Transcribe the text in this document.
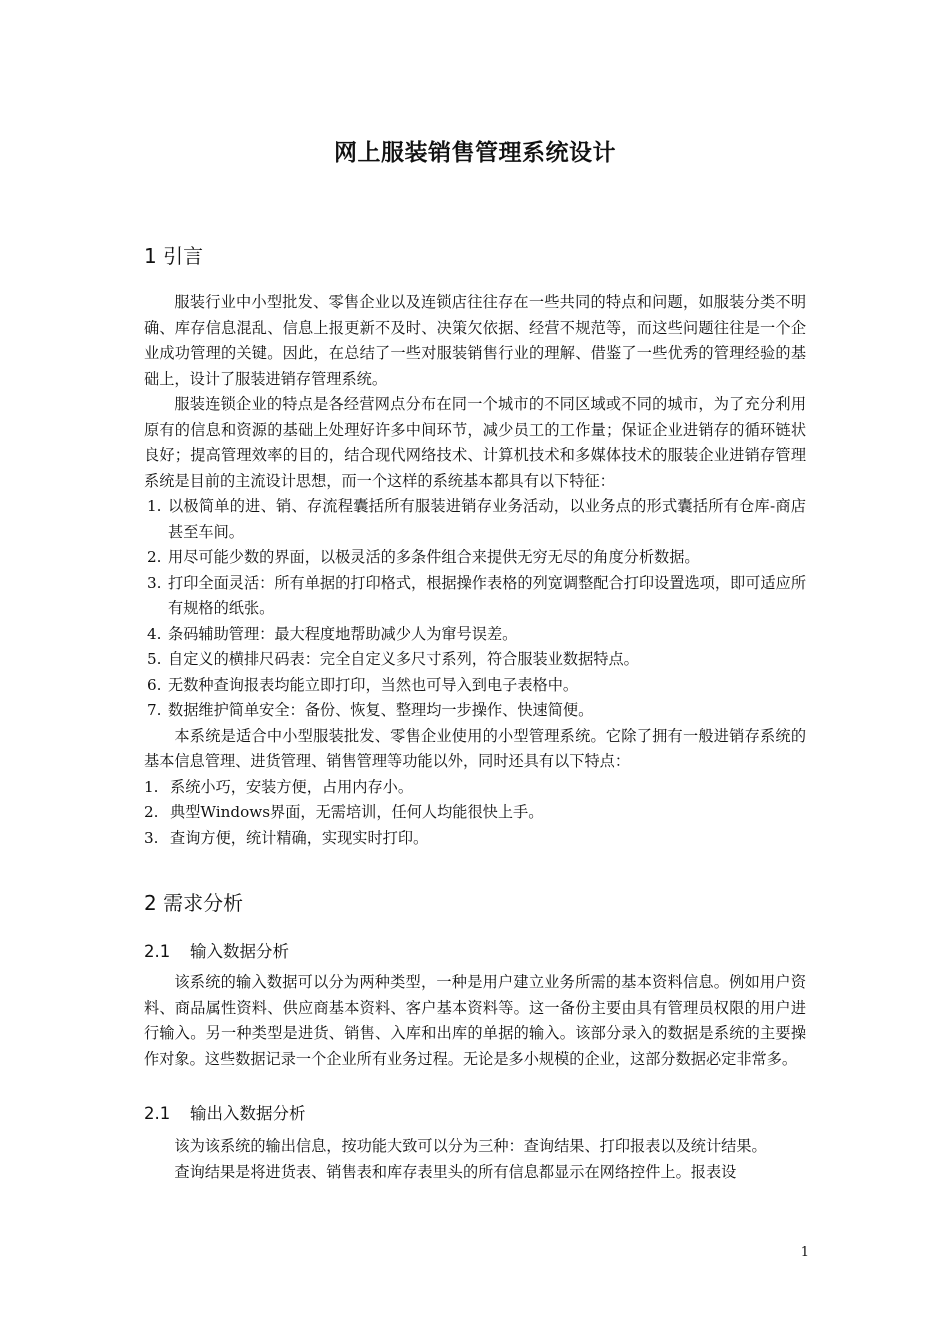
网上服装销售管理系统设计
1 引言

服装行业中小型批发、零售企业以及连锁店往往存在一些共同的特点和问题，如服装分类不明确、库存信息混乱、信息上报更新不及时、决策欠依据、经营不规范等，而这些问题往往是一个企业成功管理的关键。因此，在总结了一些对服装销售行业的理解、借鉴了一些优秀的管理经验的基础上，设计了服装进销存管理系统。

服装连锁企业的特点是各经营网点分布在同一个城市的不同区域或不同的城市，为了充分利用原有的信息和资源的基础上处理好许多中间环节，减少员工的工作量；保证企业进销存的循环链状良好；提高管理效率的目的，结合现代网络技术、计算机技术和多媒体技术的服装企业进销存管理系统是目前的主流设计思想，而一个这样的系统基本都具有以下特征：

1. 以极简单的进、销、存流程囊括所有服装进销存业务活动，以业务点的形式囊括所有仓库-商店甚至车间。
2. 用尽可能少数的界面，以极灵活的多条件组合来提供无穷无尽的角度分析数据。
3. 打印全面灵活：所有单据的打印格式，根据操作表格的列宽调整配合打印设置选项，即可适应所有规格的纸张。
4. 条码辅助管理：最大程度地帮助减少人为窜号误差。
5. 自定义的横排尺码表：完全自定义多尺寸系列，符合服装业数据特点。
6. 无数种查询报表均能立即打印，当然也可导入到电子表格中。
7. 数据维护简单安全：备份、恢复、整理均一步操作、快速简便。

本系统是适合中小型服装批发、零售企业使用的小型管理系统。它除了拥有一般进销存系统的基本信息管理、进货管理、销售管理等功能以外，同时还具有以下特点：

1. 系统小巧，安装方便，占用内存小。
2. 典型Windows界面，无需培训，任何人均能很快上手。
3. 查询方便，统计精确，实现实时打印。
2 需求分析
2.1 输入数据分析

该系统的输入数据可以分为两种类型，一种是用户建立业务所需的基本资料信息。例如用户资料、商品属性资料、供应商基本资料、客户基本资料等。这一备份主要由具有管理员权限的用户进行输入。另一种类型是进货、销售、入库和出库的单据的输入。该部分录入的数据是系统的主要操作对象。这些数据记录一个企业所有业务过程。无论是多小规模的企业，这部分数据必定非常多。

2.1 输出入数据分析

该为该系统的输出信息，按功能大致可以分为三种：查询结果、打印报表以及统计结果。

查询结果是将进货表、销售表和库存表里头的所有信息都显示在网络控件上。报表设

1
